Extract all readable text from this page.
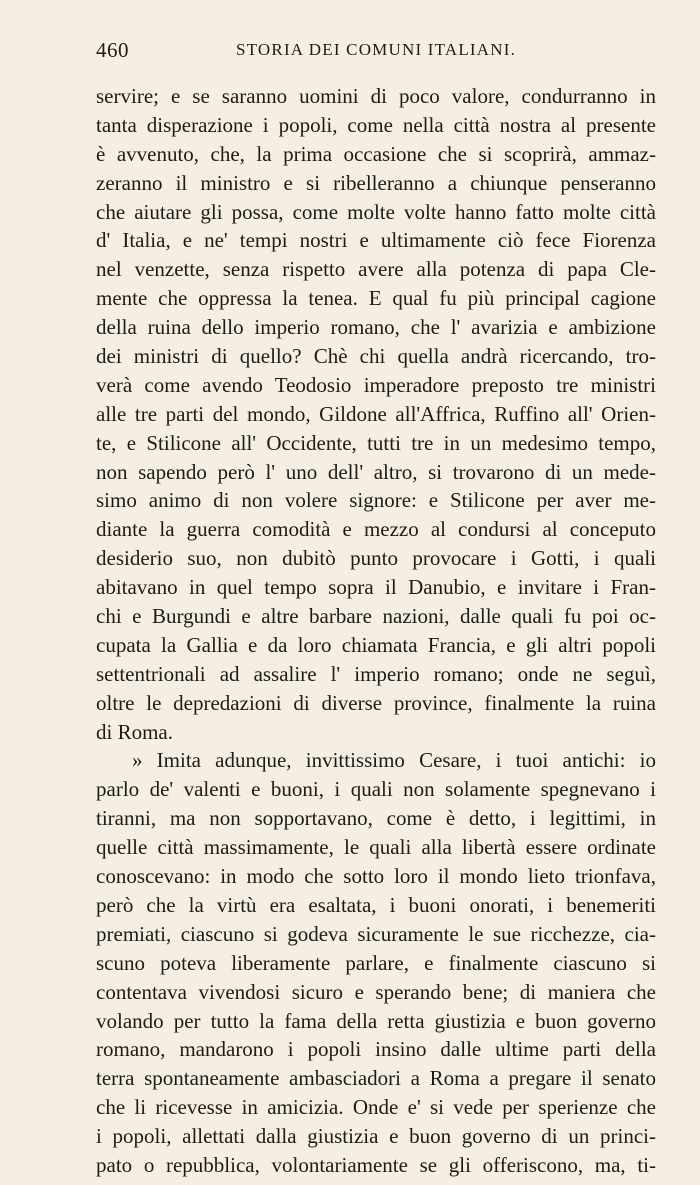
460	STORIA DEI COMUNI ITALIANI.
servire; e se saranno uomini di poco valore, condurranno in
tanta disperazione i popoli, come nella città nostra al presente
è avvenuto, che, la prima occasione che si scoprirà, ammaz-
zeranno il ministro e si ribelleranno a chiunque penseranno
che aiutare gli possa, come molte volte hanno fatto molte città
d' Italia, e ne' tempi nostri e ultimamente ciò fece Fiorenza
nel venzette, senza rispetto avere alla potenza di papa Cle-
mente che oppressa la tenea. E qual fu più principal cagione
della ruina dello imperio romano, che l' avarizia e ambizione
dei ministri di quello? Chè chi quella andrà ricercando, tro-
verà come avendo Teodosio imperadore preposto tre ministri
alle tre parti del mondo, Gildone all'Affrica, Ruffino all' Orien-
te, e Stilicone all' Occidente, tutti tre in un medesimo tempo,
non sapendo però l' uno dell' altro, si trovarono di un mede-
simo animo di non volere signore: e Stilicone per aver me-
diante la guerra comodità e mezzo al condursi al conceputo
desiderio suo, non dubitò punto provocare i Gotti, i quali
abitavano in quel tempo sopra il Danubio, e invitare i Fran-
chi e Burgundi e altre barbare nazioni, dalle quali fu poi oc-
cupata la Gallia e da loro chiamata Francia, e gli altri popoli
settentrionali ad assalire l' imperio romano; onde ne seguì,
oltre le depredazioni di diverse province, finalmente la ruina
di Roma.
» Imita adunque, invittissimo Cesare, i tuoi antichi: io
parlo de' valenti e buoni, i quali non solamente spegnevano i
tiranni, ma non sopportavano, come è detto, i legittimi, in
quelle città massimamente, le quali alla libertà essere ordinate
conoscevano: in modo che sotto loro il mondo lieto trionfava,
però che la virtù era esaltata, i buoni onorati, i benemeriti
premiati, ciascuno si godeva sicuramente le sue ricchezze, cia-
scuno poteva liberamente parlare, e finalmente ciascuno si
contentava vivendosi sicuro e sperando bene; di maniera che
volando per tutto la fama della retta giustizia e buon governo
romano, mandarono i popoli insino dalle ultime parti della
terra spontaneamente ambasciadori a Roma a pregare il senato
che li ricevesse in amicizia. Onde e' si vede per sperienze che
i popoli, allettati dalla giustizia e buon governo di un princi-
pato o repubblica, volontariamente se gli offeriscono, ma, ti-
